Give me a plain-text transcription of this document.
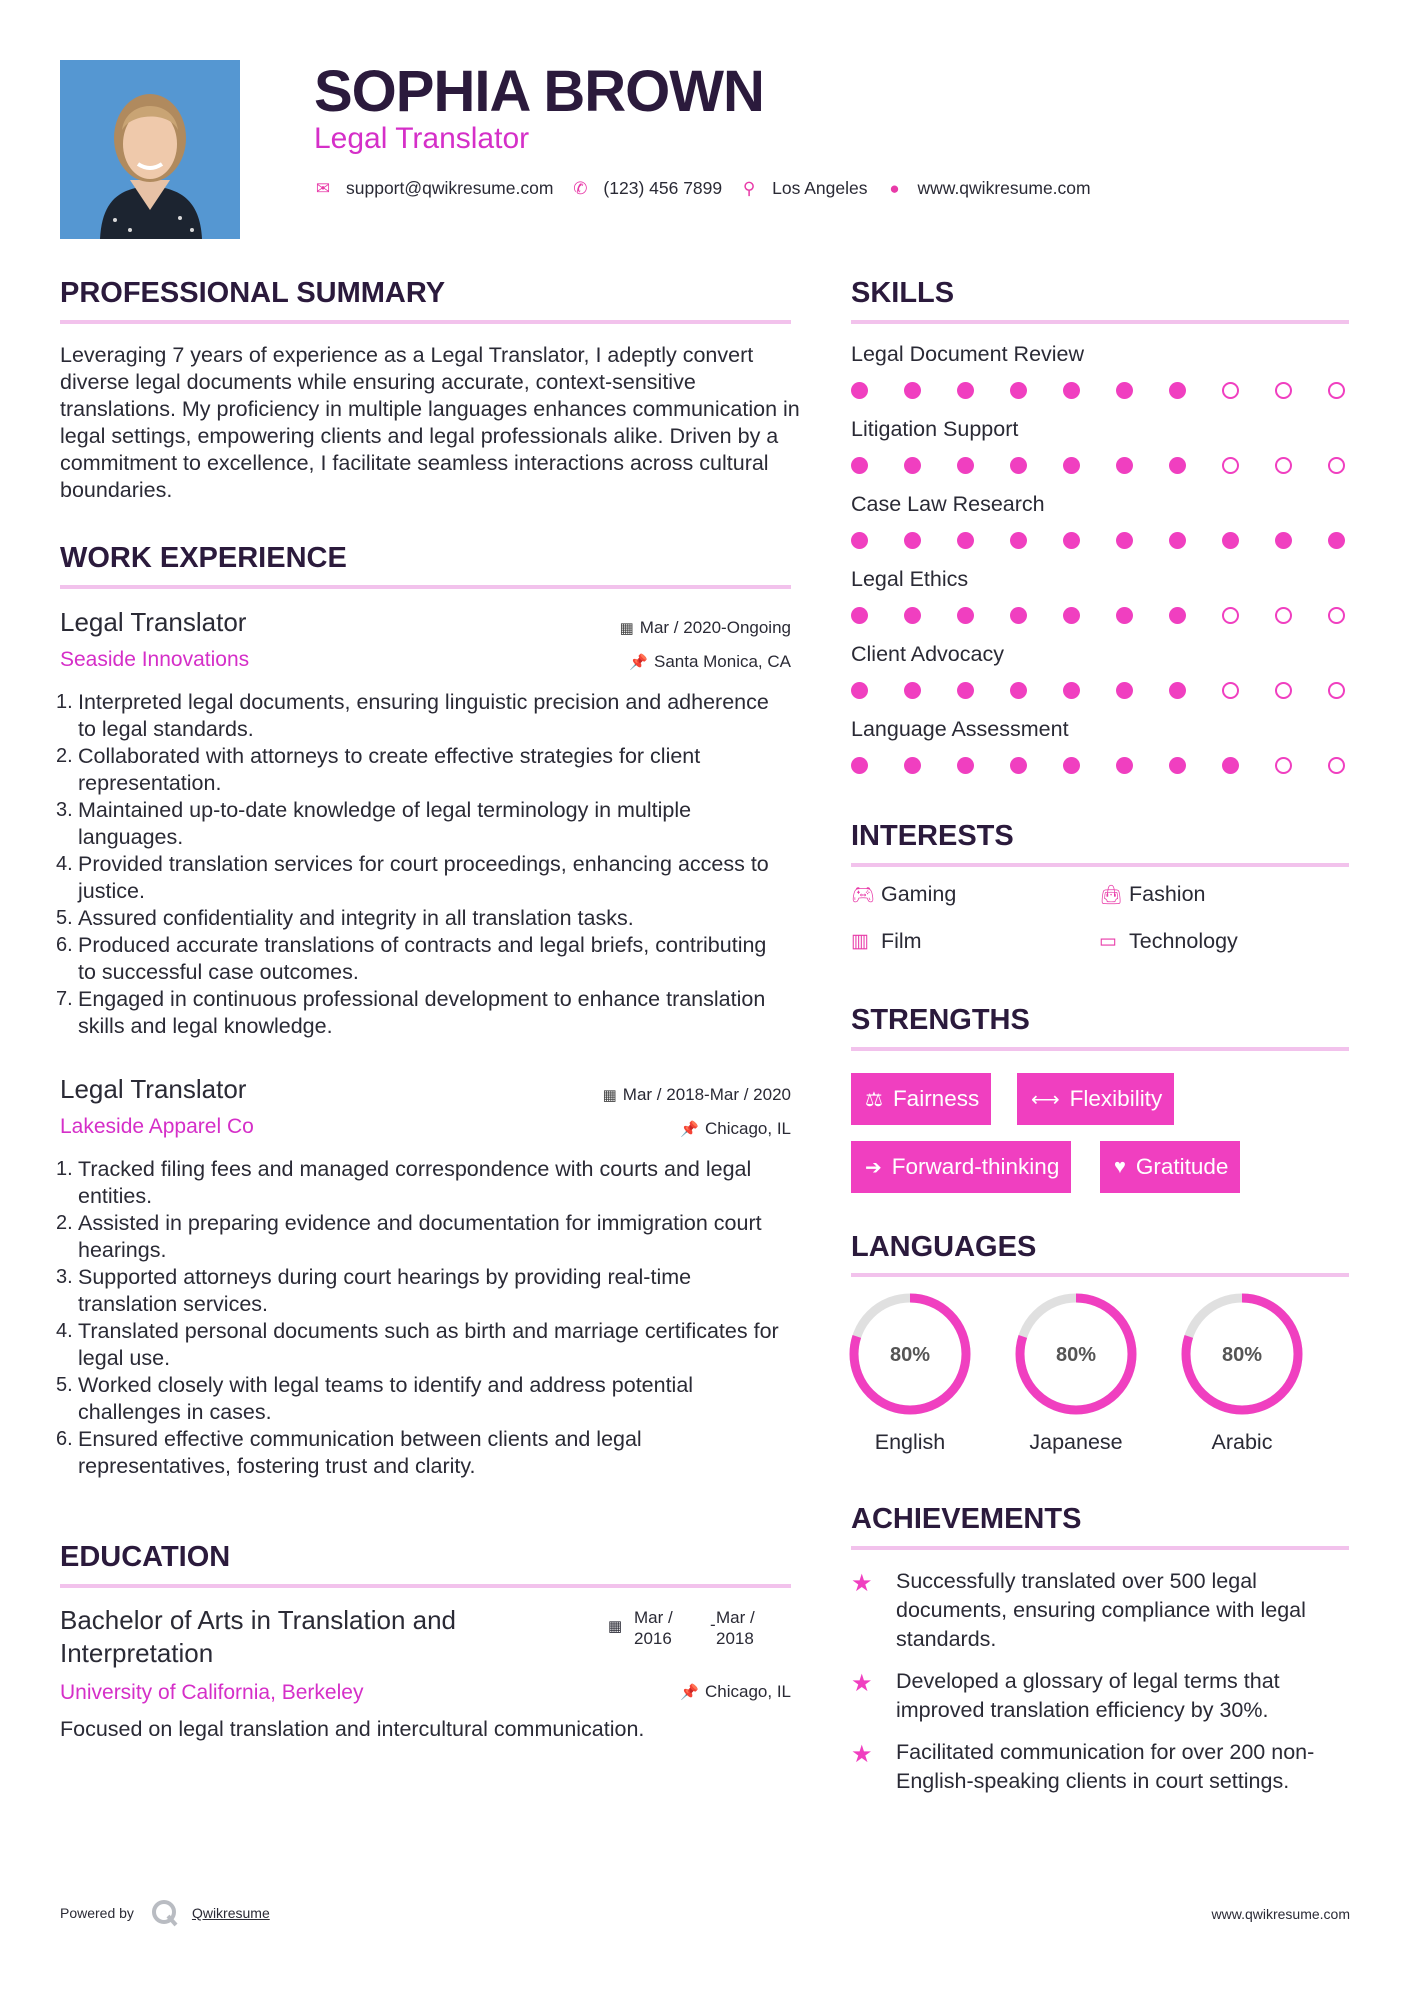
SOPHIA BROWN
Legal Translator
✉ support@qwikresume.com ✆ (123) 456 7899 ⚲ Los Angeles ● www.qwikresume.com
PROFESSIONAL SUMMARY
Leveraging 7 years of experience as a Legal Translator, I adeptly convert diverse legal documents while ensuring accurate, context-sensitive translations. My proficiency in multiple languages enhances communication in legal settings, empowering clients and legal professionals alike. Driven by a commitment to excellence, I facilitate seamless interactions across cultural boundaries.
WORK EXPERIENCE
Legal Translator	▦ Mar / 2020-Ongoing
Seaside Innovations	📌 Santa Monica, CA
1. Interpreted legal documents, ensuring linguistic precision and adherence to legal standards.
2. Collaborated with attorneys to create effective strategies for client representation.
3. Maintained up-to-date knowledge of legal terminology in multiple languages.
4. Provided translation services for court proceedings, enhancing access to justice.
5. Assured confidentiality and integrity in all translation tasks.
6. Produced accurate translations of contracts and legal briefs, contributing to successful case outcomes.
7. Engaged in continuous professional development to enhance translation skills and legal knowledge.
Legal Translator	▦ Mar / 2018-Mar / 2020
Lakeside Apparel Co	📌 Chicago, IL
1. Tracked filing fees and managed correspondence with courts and legal entities.
2. Assisted in preparing evidence and documentation for immigration court hearings.
3. Supported attorneys during court hearings by providing real-time translation services.
4. Translated personal documents such as birth and marriage certificates for legal use.
5. Worked closely with legal teams to identify and address potential challenges in cases.
6. Ensured effective communication between clients and legal representatives, fostering trust and clarity.
EDUCATION
Bachelor of Arts in Translation and Interpretation
▦ Mar /
2016
- Mar /
2018
University of California, Berkeley	📌 Chicago, IL
Focused on legal translation and intercultural communication.
SKILLS
Legal Document Review
Litigation Support
Case Law Research
Legal Ethics
Client Advocacy
Language Assessment
INTERESTS
🎮︎ Gaming	👜︎ Fashion
▥ Film	▭ Technology
STRENGTHS
⚖ Fairness	⟷ Flexibility
➔ Forward-thinking	♥ Gratitude
LANGUAGES
80%
English
80%
Japanese
80%
Arabic
ACHIEVEMENTS
★ Successfully translated over 500 legal documents, ensuring compliance with legal standards.
★ Developed a glossary of legal terms that improved translation efficiency by 30%.
★ Facilitated communication for over 200 non-English-speaking clients in court settings.
Powered by	Qwikresume	www.qwikresume.com
